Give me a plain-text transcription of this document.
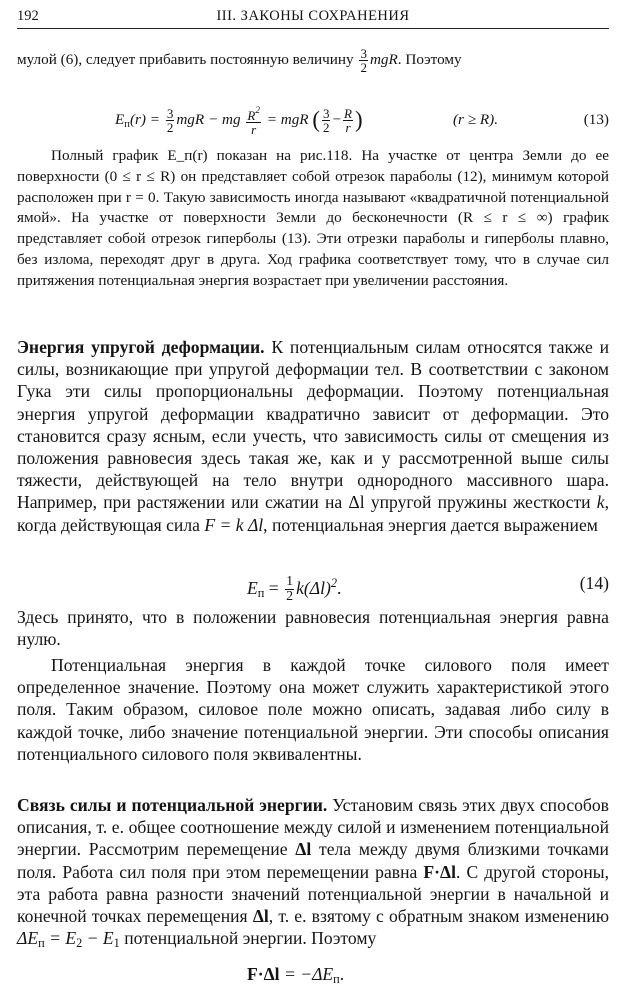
192	III. ЗАКОНЫ СОХРАНЕНИЯ
мулой (6), следует прибавить постоянную величину $\frac{3}{2}$ mgR. Поэтому
$E_п(r) = \frac{3}{2}$ mgR − mg $\frac{R^2}{r}$ = mgR ( $\frac{3}{2} - \frac{R}{r}$ )	(r ≥ R).	(13)

Полный график E_п(r) показан на рис.118. На участке от центра Земли до ее поверхности (0 ≤ r ≤ R) он представляет собой отрезок параболы (12), минимум которой расположен при r = 0. Такую зависимость иногда называют «квадратичной потенциальной ямой». На участке от поверхности Земли до бесконечности (R ≤ r ≤ ∞) график представляет собой отрезок гиперболы (13). Эти отрезки параболы и гиперболы плавно, без излома, переходят друг в друга. Ход графика соответствует тому, что в случае сил притяжения потенциальная энергия возрастает при увеличении расстояния.

Энергия упругой деформации. К потенциальным силам относятся также и силы, возникающие при упругой деформации тел. В соответствии с законом Гука эти силы пропорциональны деформации. Поэтому потенциальная энергия упругой деформации квадратично зависит от деформации. Это становится сразу ясным, если учесть, что зависимость силы от смещения из положения равновесия здесь такая же, как и у рассмотренной выше силы тяжести, действующей на тело внутри однородного массивного шара. Например, при растяжении или сжатии на Δl упругой пружины жесткости k, когда действующая сила F = k Δl, потенциальная энергия дается выражением

$E_п = \frac{1}{2} k(\Delta l)^2$.	(14)

Здесь принято, что в положении равновесия потенциальная энергия равна нулю.

Потенциальная энергия в каждой точке силового поля имеет определенное значение. Поэтому она может служить характеристикой этого поля. Таким образом, силовое поле можно описать, задавая либо силу в каждой точке, либо значение потенциальной энергии. Эти способы описания потенциального силового поля эквивалентны.

Связь силы и потенциальной энергии. Установим связь этих двух способов описания, т. е. общее соотношение между силой и изменением потенциальной энергии. Рассмотрим перемещение Δl тела между двумя близкими точками поля. Работа сил поля при этом перемещении равна F·Δl. С другой стороны, эта работа равна разности значений потенциальной энергии в начальной и конечной точках перемещения Δl, т. е. взятому с обратным знаком изменению $\Delta E_п = E_2 - E_1$ потенциальной энергии. Поэтому

$F\cdot\Delta l = -\Delta E_п$.
